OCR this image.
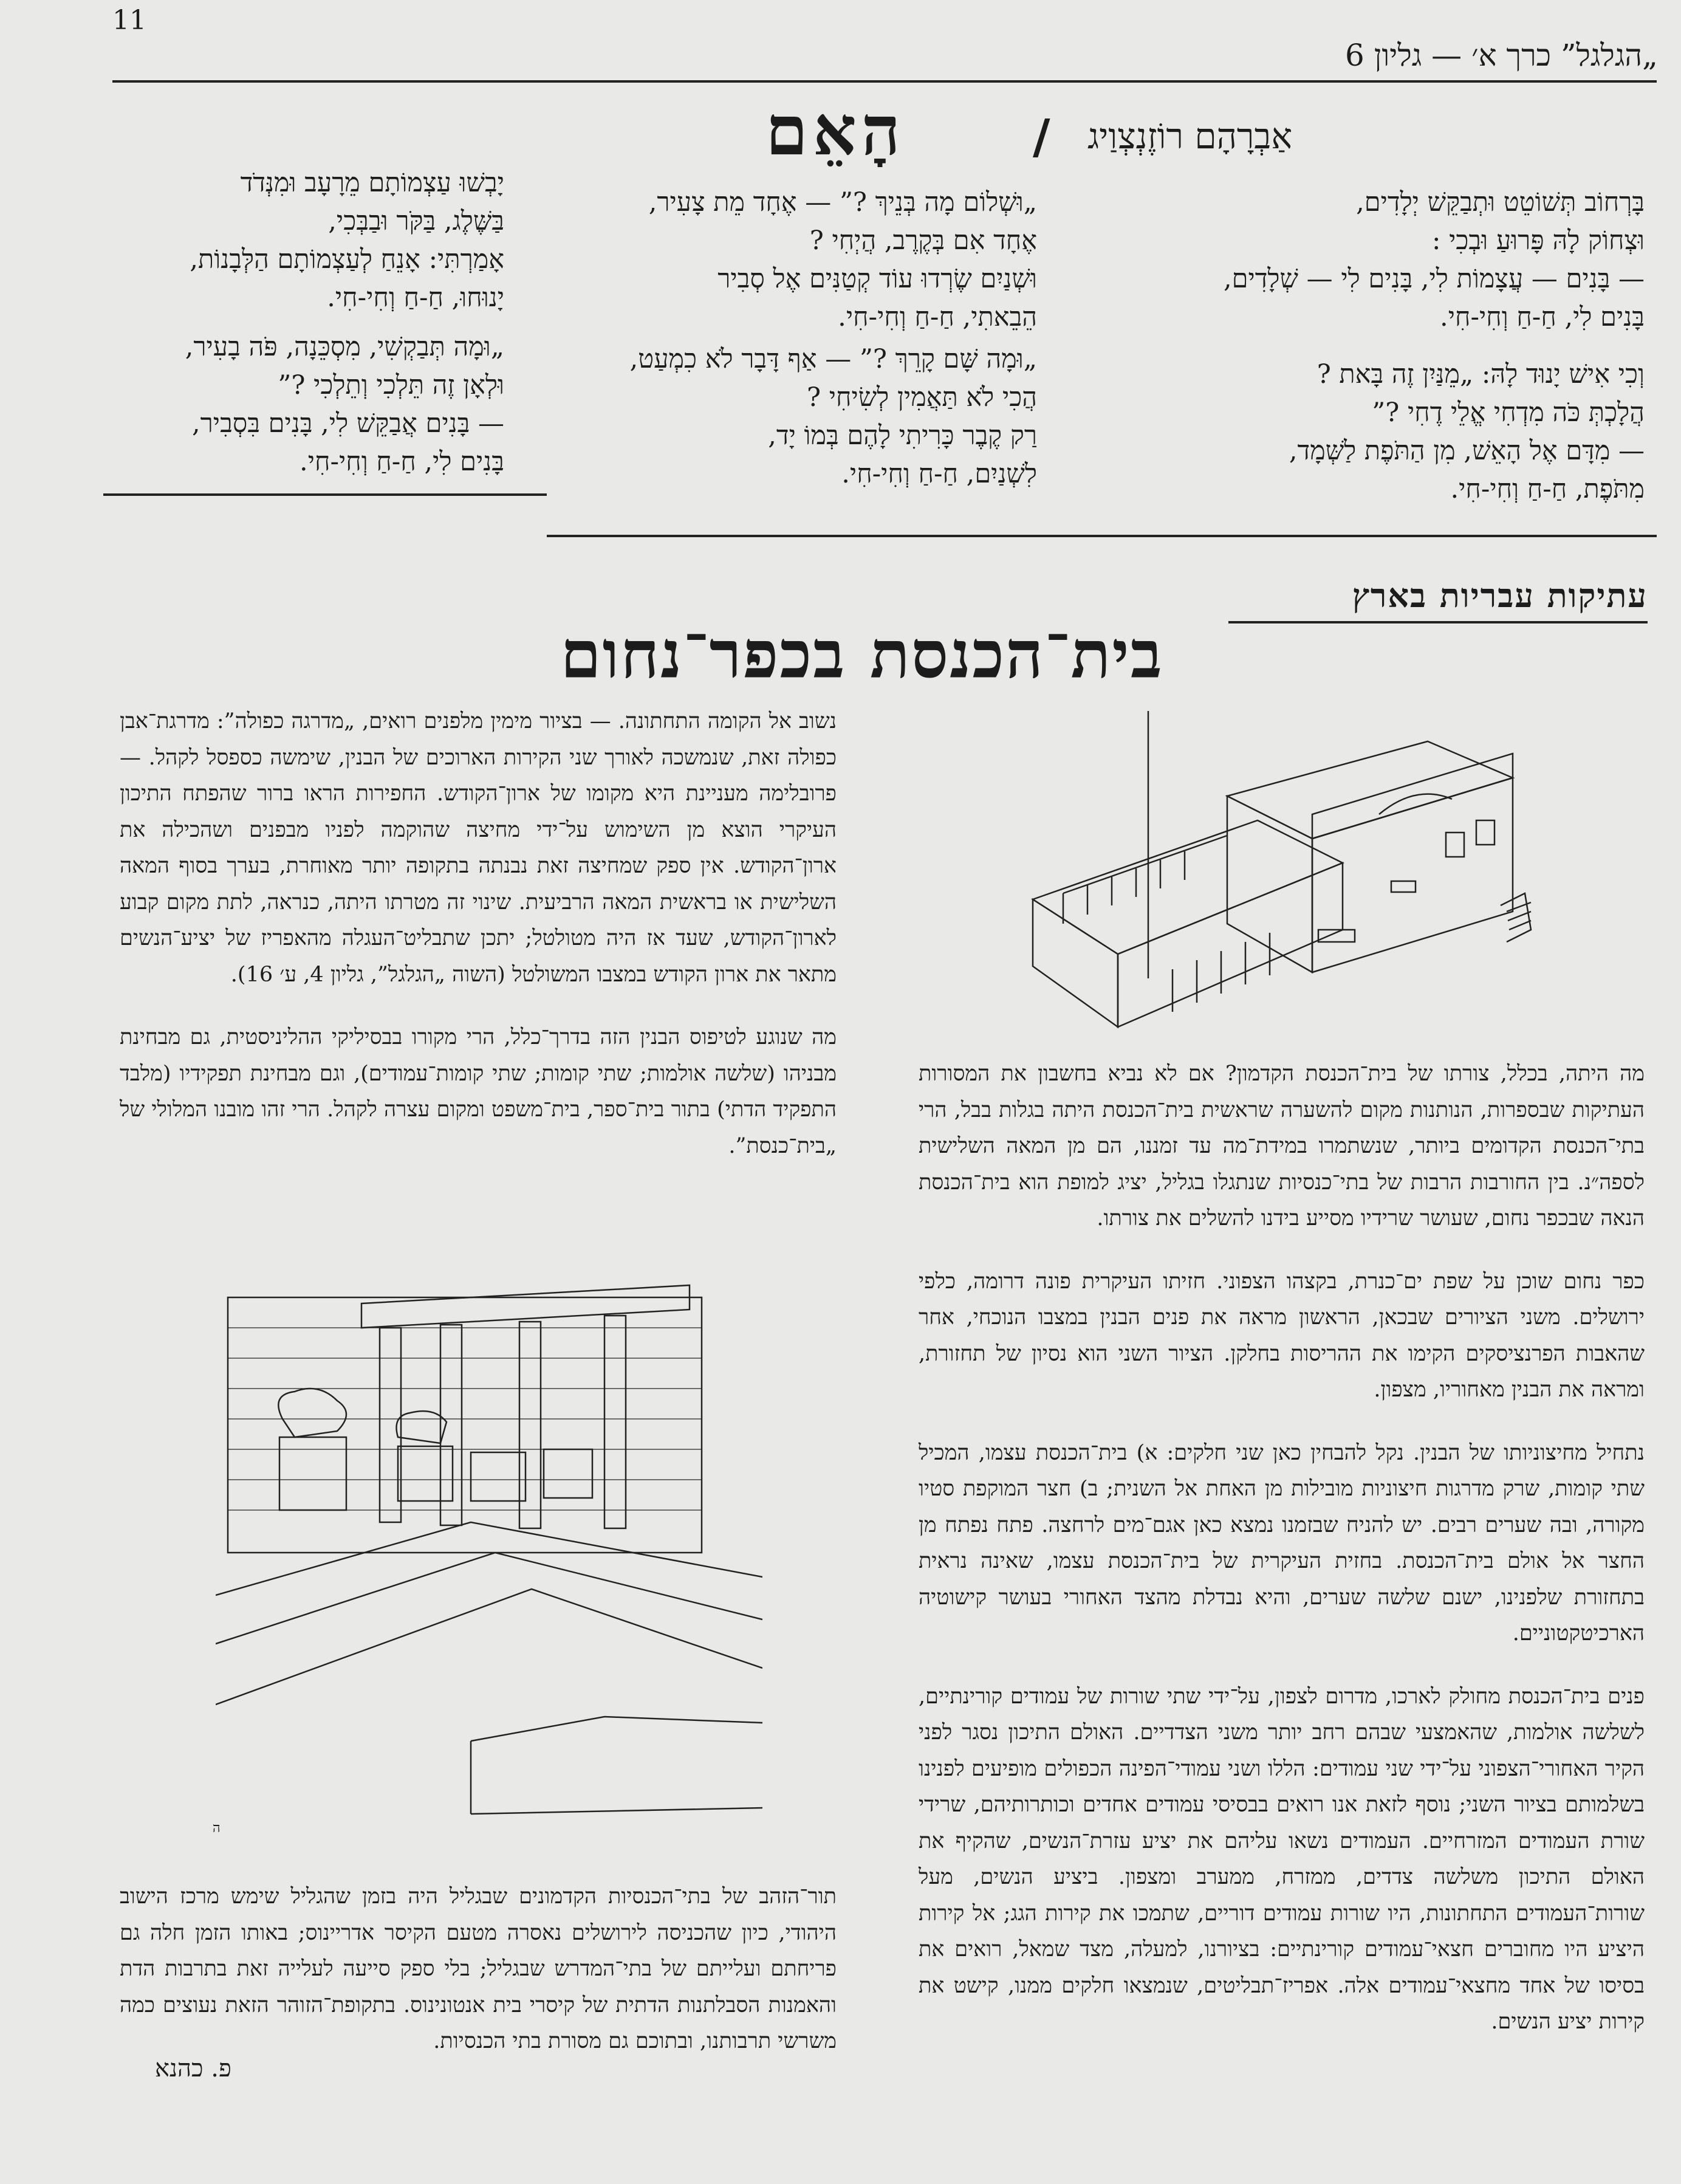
11
„הגלגל” כרך א׳ — גליון 6
הָאֵם	/ אַבְרָהָם רוֹזֶנְצְוַיג
בָּרְחוֹב תְּשׁוֹטֵט וּתְבַקֵּשׁ יְלָדִים,
וּצְחוֹק לָהּ פָּרוּעַ וּבְכִי :
— בָּנִים — עֲצָמוֹת לִי, בָּנִים לִי — שְׁלָדִים,
בָּנִים לִי, חַ-חַ וְחִי-חִי.
וְכִי אִישׁ יָנוּד לָהּ: „מֵנַּיִן זֶה בָּאת ?
הֲלָכְתְּ כֹּה מִדְחִי אֱלֵי דֶחִי ?”
— מִדָּם אֶל הָאֵשׁ, מִן הַתֹּפֶת לַשְּׁמָד,
מִתֹּפֶת, חַ-חַ וְחִי-חִי.
„וּשְׁלוֹם מָה בְּנֵיךְ ?” — אֶחָד מֵת צָעִיר,
אֶחָד אִם בְּקֶרֶב, הֲיְחִי ?
וּשְׁנַיִם שֶׂרְדוּ עוֹד קְטַנִּים אֶל סְבִיר
הֵבֵאתִי, חַ-חַ וְחִי-חִי.
„וּמָה שָּׁם קָרֵךְ ?” — אַף דָּבָר לֹא כִמְעַט,
הֲכִי לֹא תַּאֲמִין לְשִׂיחִי ?
רַק קֶבֶר כָּרִיתִי לָהֶם בְּמוֹ יָד,
לִשְׁנַיִם, חַ-חַ וְחִי-חִי.
יָבְשׁוּ עַצְמוֹתָם מֵרָעָב וּמִנְּדֹד
בַּשֶּׁלֶג, בַּקֹּר וּבַבְּכִי,
אָמַרְתִּי: אָנֵחַ לְעַצְמוֹתָם הַלְּבָנוֹת,
יָנוּחוּ, חַ-חַ וְחִי-חִי.
„וּמָה תְּבַקְשִׁי, מִסְכֵּנָה, פֹּה בָעִיר,
וּלְאָן זֶה תֵּלְכִי וְתֵלְכִי ?”
— בָּנִים אֲבַקֵּשׁ לִי, בָּנִים בִּסְבִיר,
בָּנִים לִי, חַ-חַ וְחִי-חִי.
עתיקות עבריות בארץ
בית־הכנסת בכפר־נחום
מה היתה, בכלל, צורתו של בית־הכנסת הקדמון? אם לא נביא בחשבון את המסורות העתיקות שבספרות, הנותנות מקום להשערה שראשית בית־הכנסת היתה בגלות בבל, הרי בתי־הכנסת הקדומים ביותר, שנשתמרו במידת־מה עד זמננו, הם מן המאה השלישית לספה״נ. בין החורבות הרבות של בתי־כנסיות שנתגלו בגליל, יציג למופת הוא בית־הכנסת הנאה שבכפר נחום, שעושר שרידיו מסייע בידנו להשלים את צורתו.
כפר נחום שוכן על שפת ים־כנרת, בקצהו הצפוני. חזיתו העיקרית פונה דרומה, כלפי ירושלים. משני הציורים שבכאן, הראשון מראה את פנים הבנין במצבו הנוכחי, אחר שהאבות הפרנציסקים הקימו את ההריסות בחלקן. הציור השני הוא נסיון של תחזורת, ומראה את הבנין מאחוריו, מצפון.
נתחיל מחיצוניותו של הבנין. נקל להבחין כאן שני חלקים: א) בית־הכנסת עצמו, המכיל שתי קומות, שרק מדרגות חיצוניות מובילות מן האחת אל השנית; ב) חצר המוקפת סטיו מקורה, ובה שערים רבים. יש להניח שבזמנו נמצא כאן אגם־מים לרחצה. פתח נפתח מן החצר אל אולם בית־הכנסת. בחזית העיקרית של בית־הכנסת עצמו, שאינה נראית בתחזורת שלפנינו, ישנם שלשה שערים, והיא נבדלת מהצד האחורי בעושר קישוטיה הארכיטקטוניים.
פנים בית־הכנסת מחולק לארכו, מדרום לצפון, על־ידי שתי שורות של עמודים קורינתיים, לשלשה אולמות, שהאמצעי שבהם רחב יותר משני הצדדיים. האולם התיכון נסגר לפני הקיר האחורי־הצפוני על־ידי שני עמודים: הללו ושני עמודי־הפינה הכפולים מופיעים לפנינו בשלמותם בציור השני; נוסף לזאת אנו רואים בבסיסי עמודים אחדים וכותרותיהם, שרידי שורת העמודים המזרחיים. העמודים נשאו עליהם את יציע עזרת־הנשים, שהקיף את האולם התיכון משלשה צדדים, ממזרח, ממערב ומצפון. ביציע הנשים, מעל שורות־העמודים התחתונות, היו שורות עמודים דוריים, שתמכו את קירות הגג; אל קירות היציע היו מחוברים חצאי־עמודים קורינתיים: בציורנו, למעלה, מצד שמאל, רואים את בסיסו של אחד מחצאי־עמודים אלה. אפריז־תבליטים, שנמצאו חלקים ממנו, קישט את קירות יציע הנשים.
נשוב אל הקומה התחתונה. — בציור מימין מלפנים רואים, „מדרגה כפולה”: מדרגת־אבן כפולה זאת, שנמשכה לאורך שני הקירות הארוכים של הבנין, שימשה כספסל לקהל. — פרובלימה מעניינת היא מקומו של ארון־הקודש. החפירות הראו ברור שהפתח התיכון העיקרי הוצא מן השימוש על־ידי מחיצה שהוקמה לפניו מבפנים ושהכילה את ארון־הקודש. אין ספק שמחיצה זאת נבנתה בתקופה יותר מאוחרת, בערך בסוף המאה השלישית או בראשית המאה הרביעית. שינוי זה מטרתו היתה, כנראה, לתת מקום קבוע לארון־הקודש, שעד אז היה מטולטל; יתכן שתבליט־העגלה מהאפריז של יציע־הנשים מתאר את ארון הקודש במצבו המשולטל (השוה „הגלגל”, גליון 4, ע׳ 16).
מה שנוגע לטיפוס הבנין הזה בדרך־כלל, הרי מקורו בבסיליקי ההליניסטית, גם מבחינת מבניהו (שלשה אולמות; שתי קומות; שתי קומות־עמודים), וגם מבחינת תפקידיו (מלבד התפקיד הדתי) בתור בית־ספר, בית־משפט ומקום עצרה לקהל. הרי זהו מובנו המלולי של „בית־כנסת”.
תור־הזהב של בתי־הכנסיות הקדמונים שבגליל היה בזמן שהגליל שימש מרכז הישוב היהודי, כיון שהכניסה לירושלים נאסרה מטעם הקיסר אדריינוס; באותו הזמן חלה גם פריחתם ועלייתם של בתי־המדרש שבגליל; בלי ספק סייעה לעלייה זאת בתרבות הדת והאמנות הסבלתנות הדתית של קיסרי בית אנטונינוס. בתקופת־הזוהר הזאת נעוצים כמה משרשי תרבותנו, ובתוכם גם מסורת בתי הכנסיות.
ה
פ. כהנא
